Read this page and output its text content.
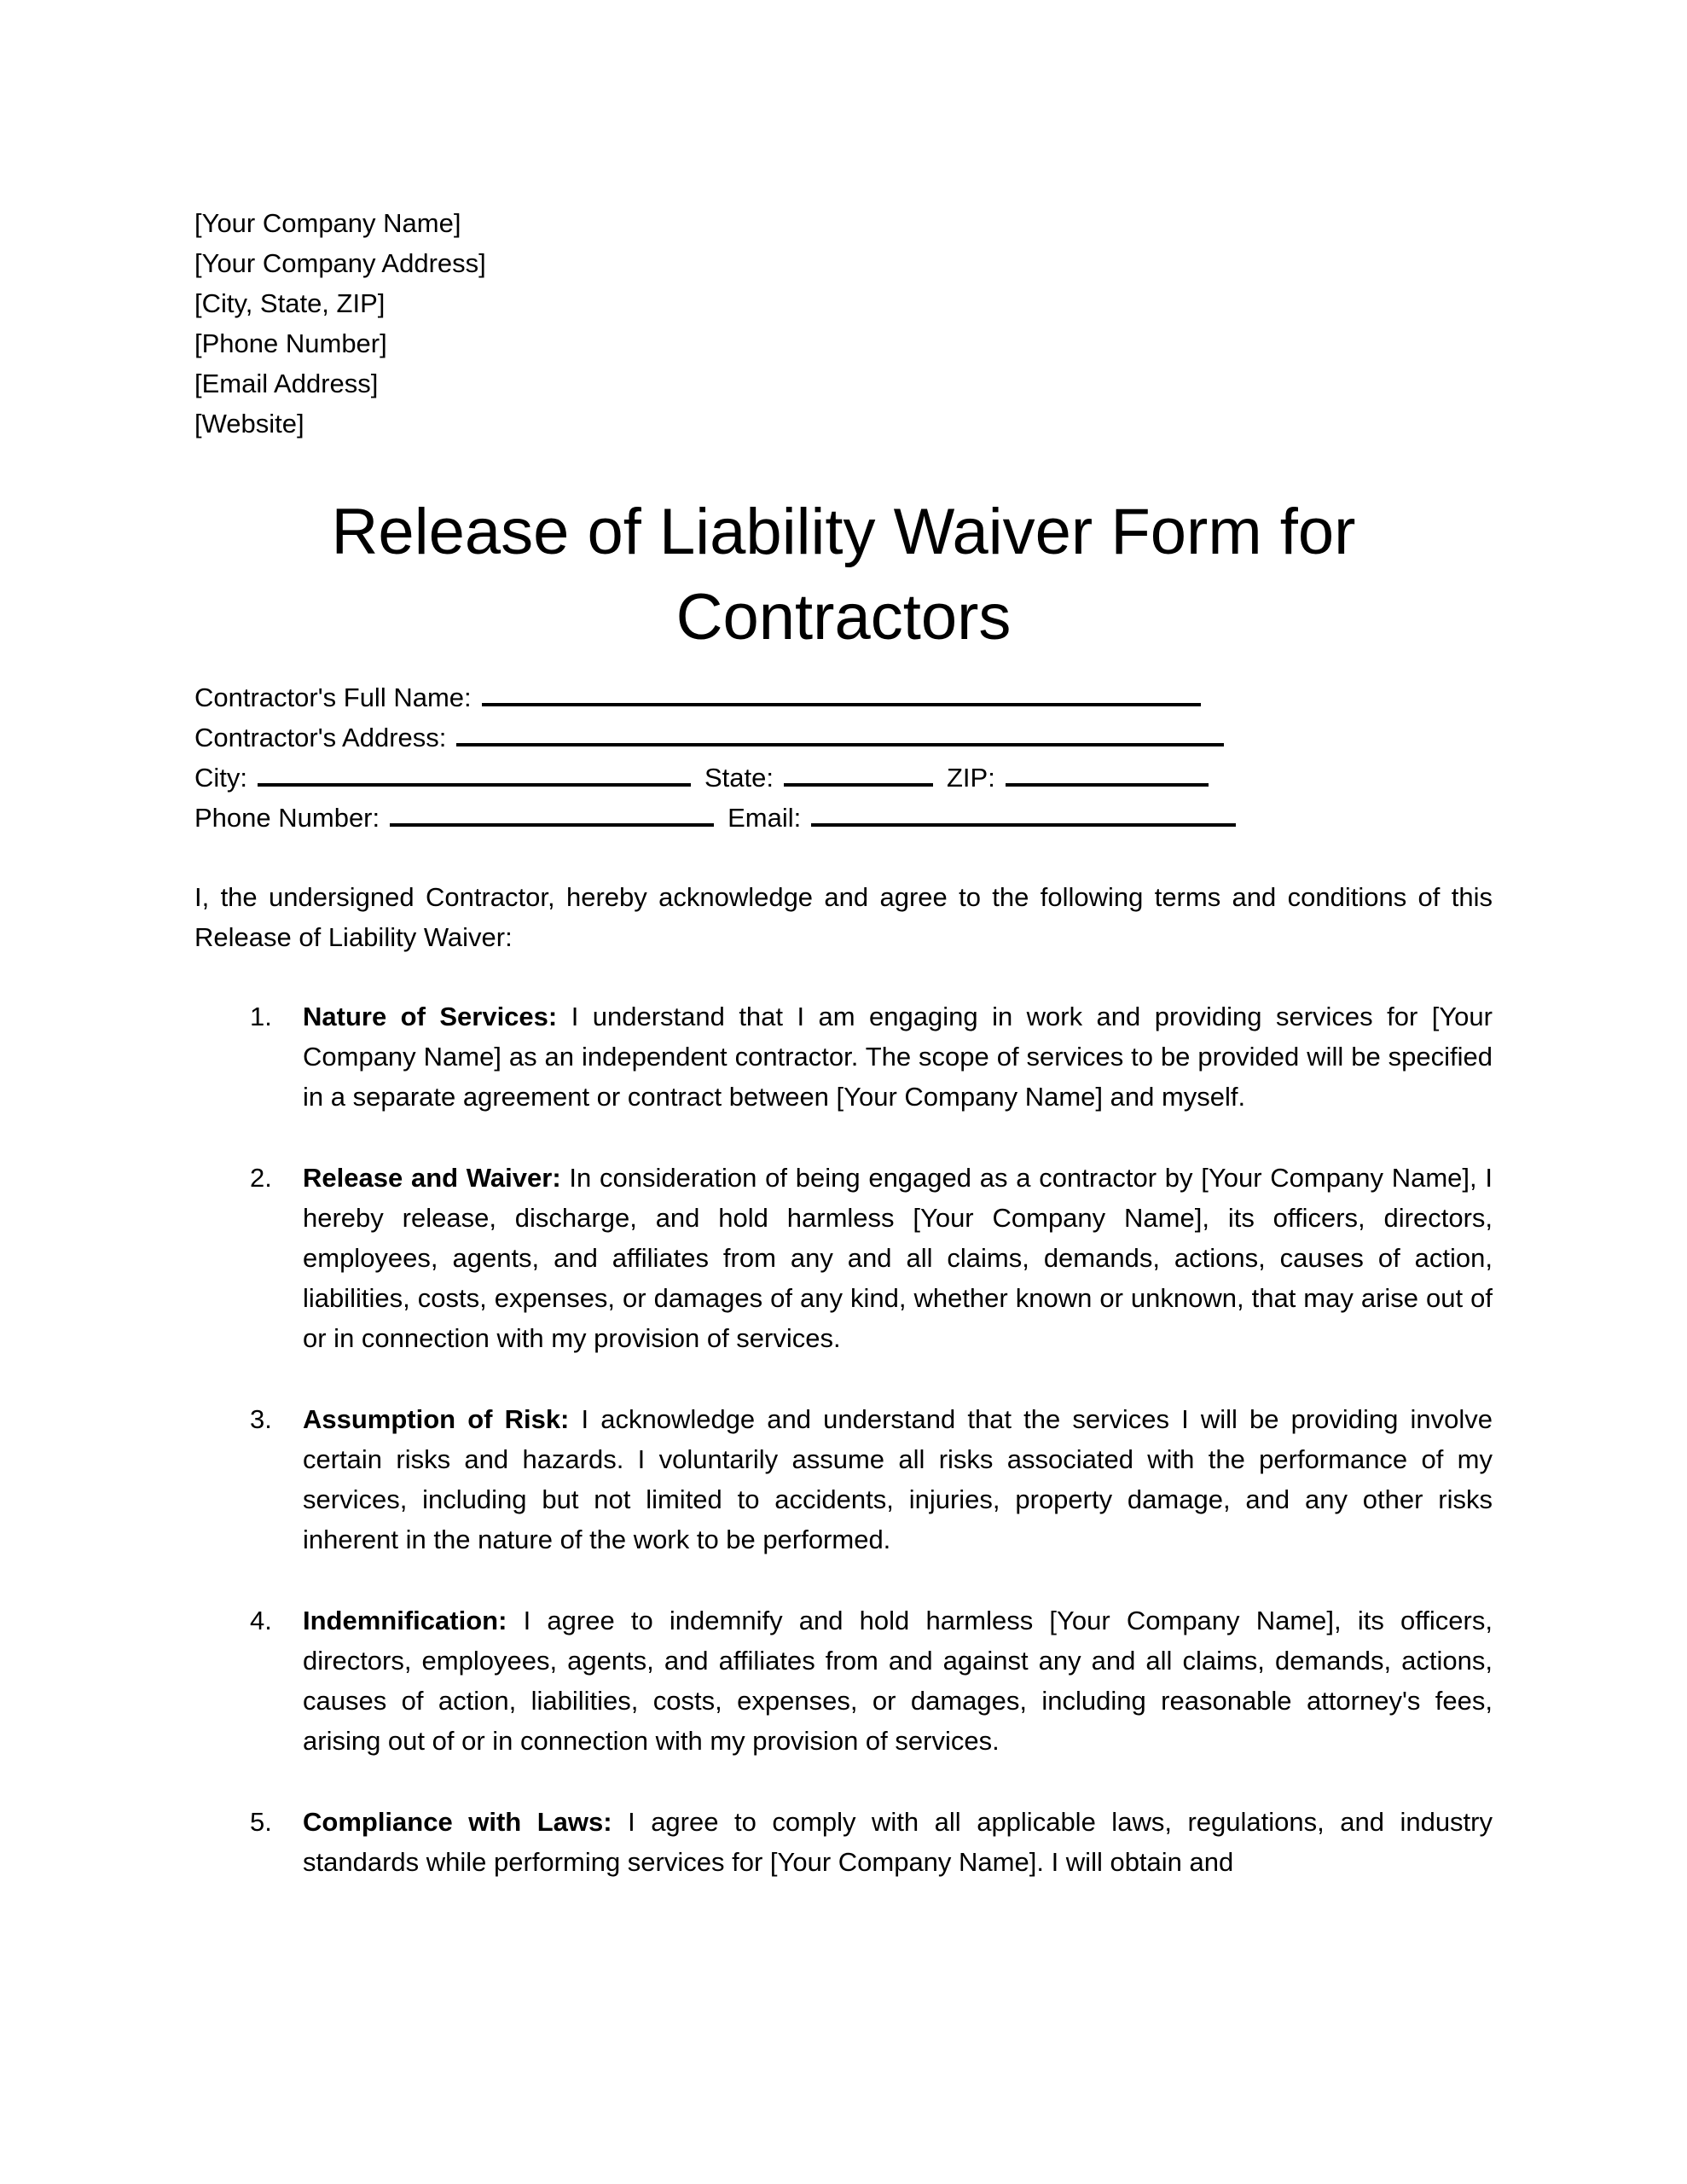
[Your Company Name]
[Your Company Address]
[City, State, ZIP]
[Phone Number]
[Email Address]
[Website]
Release of Liability Waiver Form for Contractors
Contractor's Full Name:
Contractor's Address:
City:	State:	ZIP:
Phone Number:	Email:

I, the undersigned Contractor, hereby acknowledge and agree to the following terms and conditions of this Release of Liability Waiver:

1. Nature of Services: I understand that I am engaging in work and providing services for [Your Company Name] as an independent contractor. The scope of services to be provided will be specified in a separate agreement or contract between [Your Company Name] and myself.
2. Release and Waiver: In consideration of being engaged as a contractor by [Your Company Name], I hereby release, discharge, and hold harmless [Your Company Name], its officers, directors, employees, agents, and affiliates from any and all claims, demands, actions, causes of action, liabilities, costs, expenses, or damages of any kind, whether known or unknown, that may arise out of or in connection with my provision of services.
3. Assumption of Risk: I acknowledge and understand that the services I will be providing involve certain risks and hazards. I voluntarily assume all risks associated with the performance of my services, including but not limited to accidents, injuries, property damage, and any other risks inherent in the nature of the work to be performed.
4. Indemnification: I agree to indemnify and hold harmless [Your Company Name], its officers, directors, employees, agents, and affiliates from and against any and all claims, demands, actions, causes of action, liabilities, costs, expenses, or damages, including reasonable attorney's fees, arising out of or in connection with my provision of services.
5. Compliance with Laws: I agree to comply with all applicable laws, regulations, and industry standards while performing services for [Your Company Name]. I will obtain and
